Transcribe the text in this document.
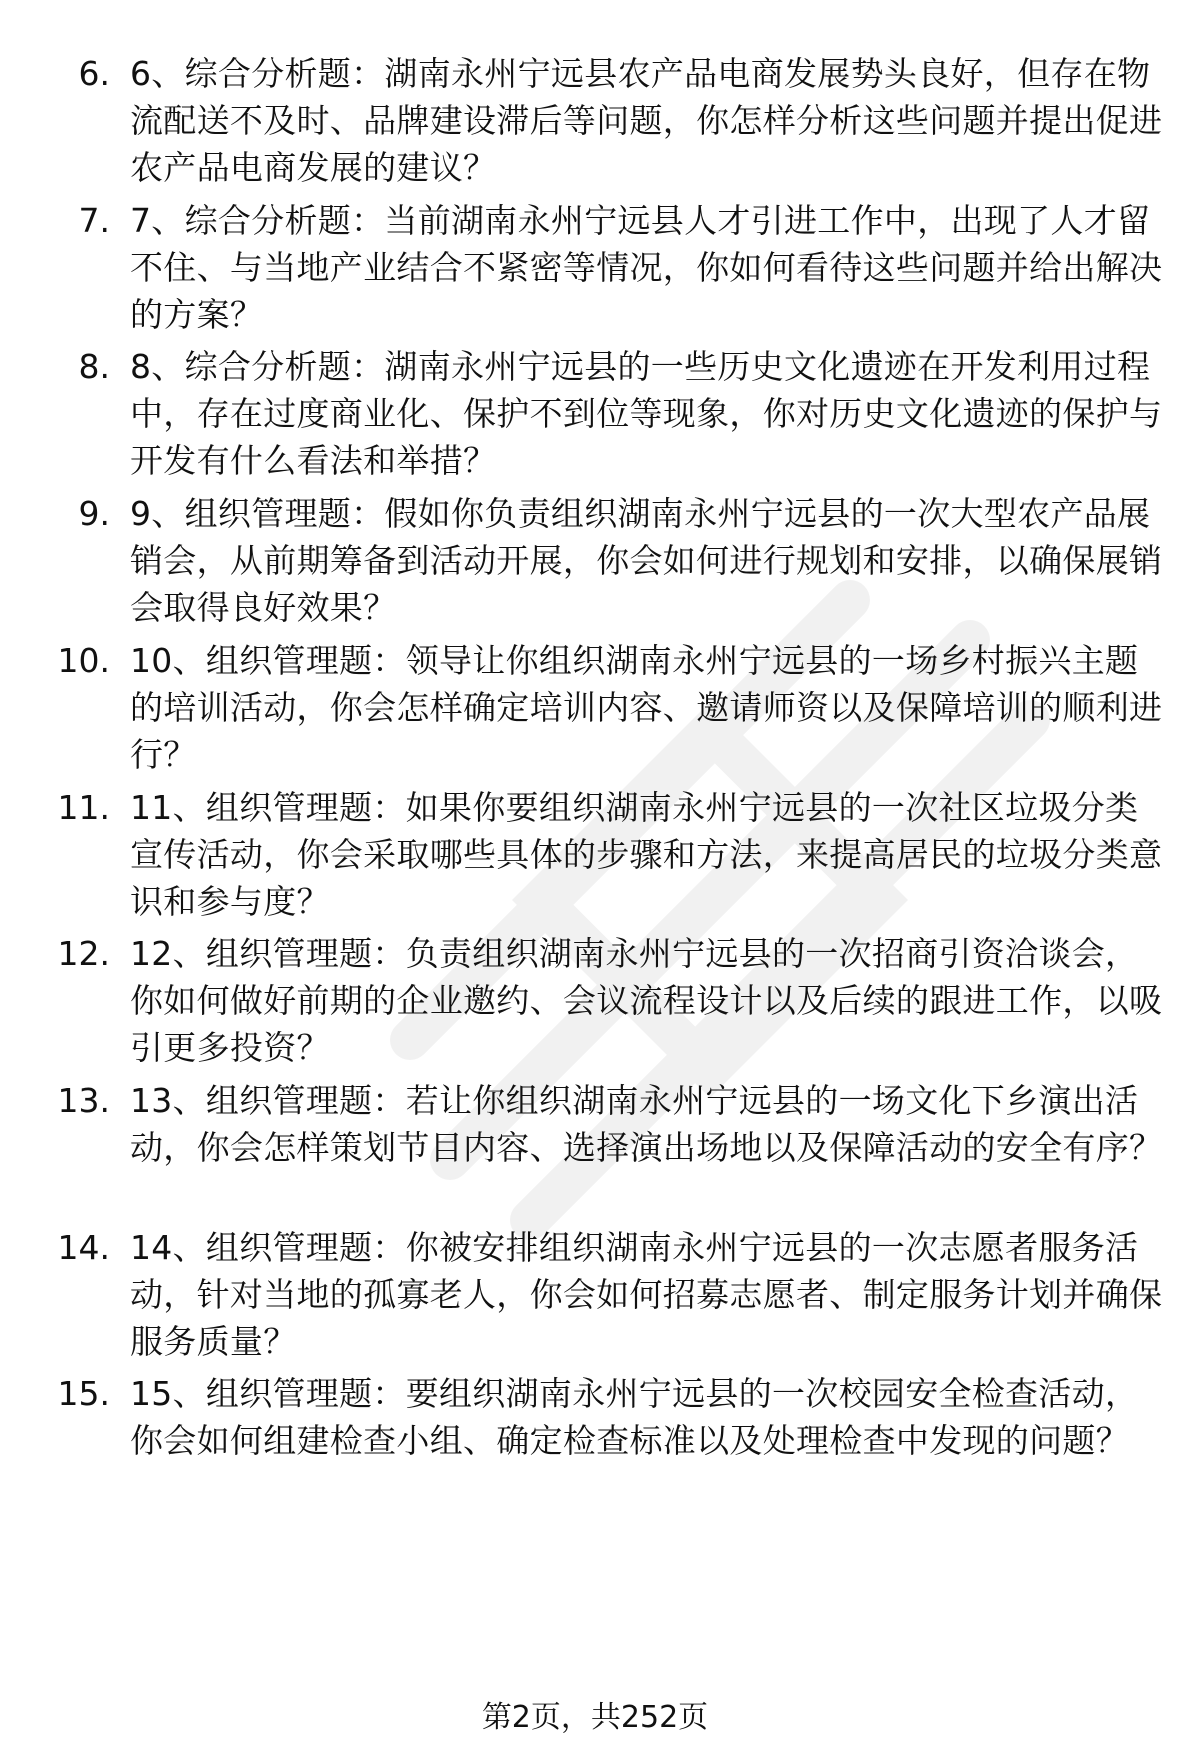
6. 6、综合分析题：湖南永州宁远县农产品电商发展势头良好，但存在物流配送不及时、品牌建设滞后等问题，你怎样分析这些问题并提出促进农产品电商发展的建议？
7. 7、综合分析题：当前湖南永州宁远县人才引进工作中，出现了人才留不住、与当地产业结合不紧密等情况，你如何看待这些问题并给出解决的方案？
8. 8、综合分析题：湖南永州宁远县的一些历史文化遗迹在开发利用过程中，存在过度商业化、保护不到位等现象，你对历史文化遗迹的保护与开发有什么看法和举措？
9. 9、组织管理题：假如你负责组织湖南永州宁远县的一次大型农产品展销会，从前期筹备到活动开展，你会如何进行规划和安排，以确保展销会取得良好效果？
10. 10、组织管理题：领导让你组织湖南永州宁远县的一场乡村振兴主题的培训活动，你会怎样确定培训内容、邀请师资以及保障培训的顺利进行？
11. 11、组织管理题：如果你要组织湖南永州宁远县的一次社区垃圾分类宣传活动，你会采取哪些具体的步骤和方法，来提高居民的垃圾分类意识和参与度？
12. 12、组织管理题：负责组织湖南永州宁远县的一次招商引资洽谈会，你如何做好前期的企业邀约、会议流程设计以及后续的跟进工作，以吸引更多投资？
13. 13、组织管理题：若让你组织湖南永州宁远县的一场文化下乡演出活动，你会怎样策划节目内容、选择演出场地以及保障活动的安全有序？
14. 14、组织管理题：你被安排组织湖南永州宁远县的一次志愿者服务活动，针对当地的孤寡老人，你会如何招募志愿者、制定服务计划并确保服务质量？
15. 15、组织管理题：要组织湖南永州宁远县的一次校园安全检查活动，你会如何组建检查小组、确定检查标准以及处理检查中发现的问题？
第2页，共252页
